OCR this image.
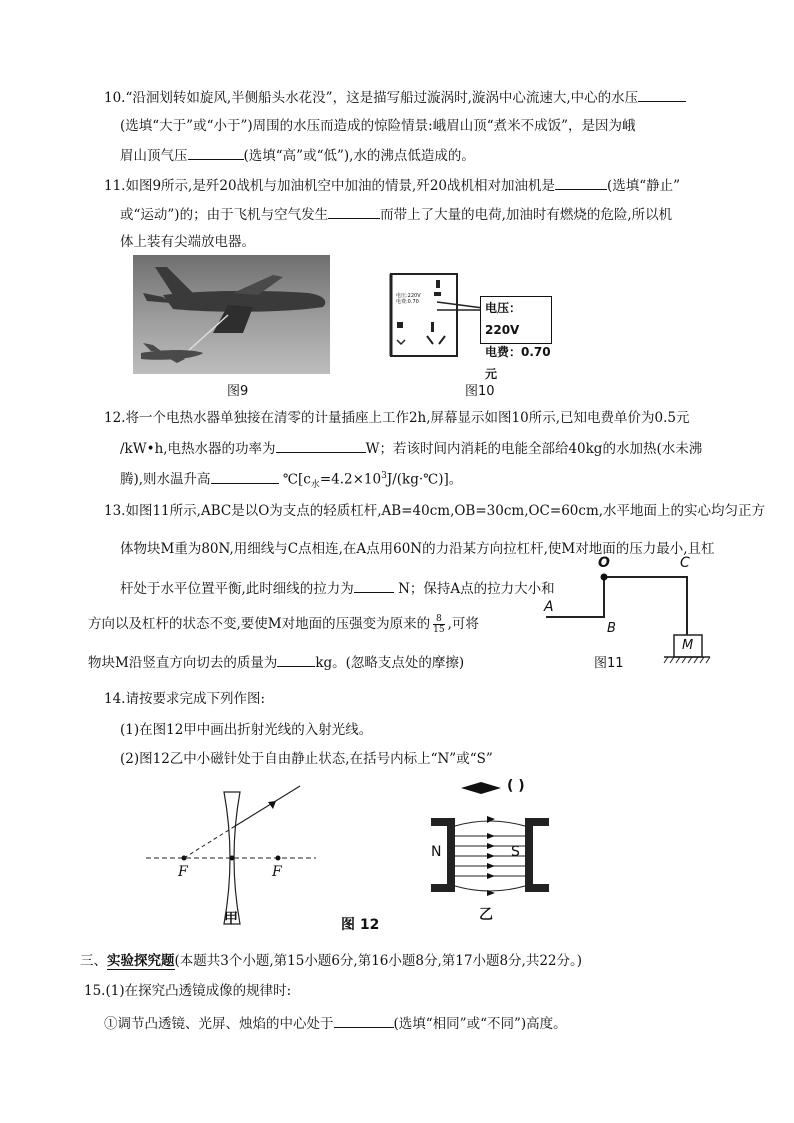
10.“沿洄划转如旋风,半侧船头水花没”，这是描写船过漩涡时,漩涡中心流速大,中心的水压
(选填“大于”或“小于”)周围的水压而造成的惊险情景:峨眉山顶“煮米不成饭”，是因为峨
眉山顶气压	(选填“高”或“低”),水的沸点低造成的。
11.如图9所示,是歼20战机与加油机空中加油的情景,歼20战机相对加油机是	(选填“静止”
或“运动”)的；由于飞机与空气发生	而带上了大量的电荷,加油时有燃烧的危险,所以机
体上装有尖端放电器。
图9
电压:220V
电费:0.70	电压：220V
电费：0.70 元
图10
12.将一个电热水器单独接在清零的计量插座上工作2h,屏幕显示如图10所示,已知电费单价为0.5元
/kW•h,电热水器的功率为	W；若该时间内消耗的电能全部给40kg的水加热(水未沸
腾),则水温升高	$℃[c_水=4.2\times 10^3J/(kg\cdot℃)]$。
13.如图11所示,ABC是以O为支点的轻质杠杆,AB=40cm,OB=30cm,OC=60cm,水平地面上的实心均匀正方
体物块M重为80N,用细线与C点相连,在A点用60N的力沿某方向拉杠杆,使M对地面的压力最小,且杠
杆处于水平位置平衡,此时细线的拉力为	N；保持A点的拉力大小和
方向以及杠杆的状态不变,要使M对地面的压强变为原来的 $\frac{8}{15}$ ,可将
物块M沿竖直方向切去的质量为	kg。(忽略支点处的摩擦)
O	C
A
B
M
图11
14.请按要求完成下列作图:
(1)在图12甲中画出折射光线的入射光线。
(2)图12乙中小磁针处于自由静止状态,在括号内标上“N”或“S”
F	F
甲
( )
N	S
乙
图 12
三、实验探究题(本题共3个小题,第15小题6分,第16小题8分,第17小题8分,共22分。)
15.(1)在探究凸透镜成像的规律时:
①调节凸透镜、光屏、烛焰的中心处于	(选填“相同”或“不同”)高度。
